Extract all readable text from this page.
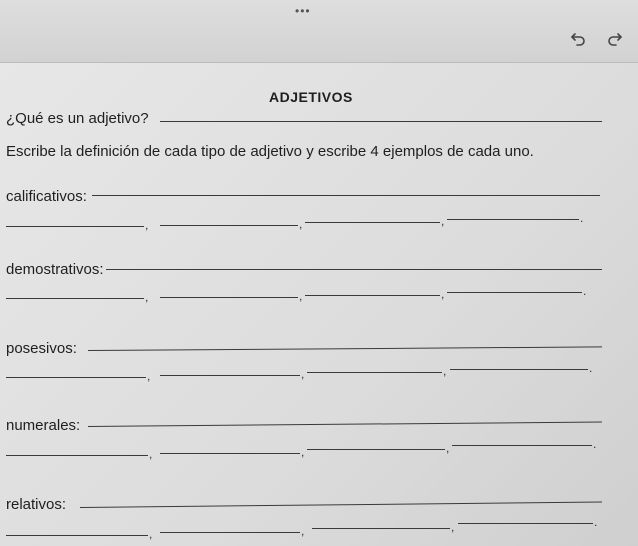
•••
ADJETIVOS
¿Qué es un adjetivo?
Escribe la definición de cada tipo de adjetivo y escribe 4 ejemplos de cada uno.
calificativos:
,	,	,	.
demostrativos:
,	,	,	.
posesivos:
,	,	,	.
numerales:
,	,	,	.
relativos:
,	,	,	.
